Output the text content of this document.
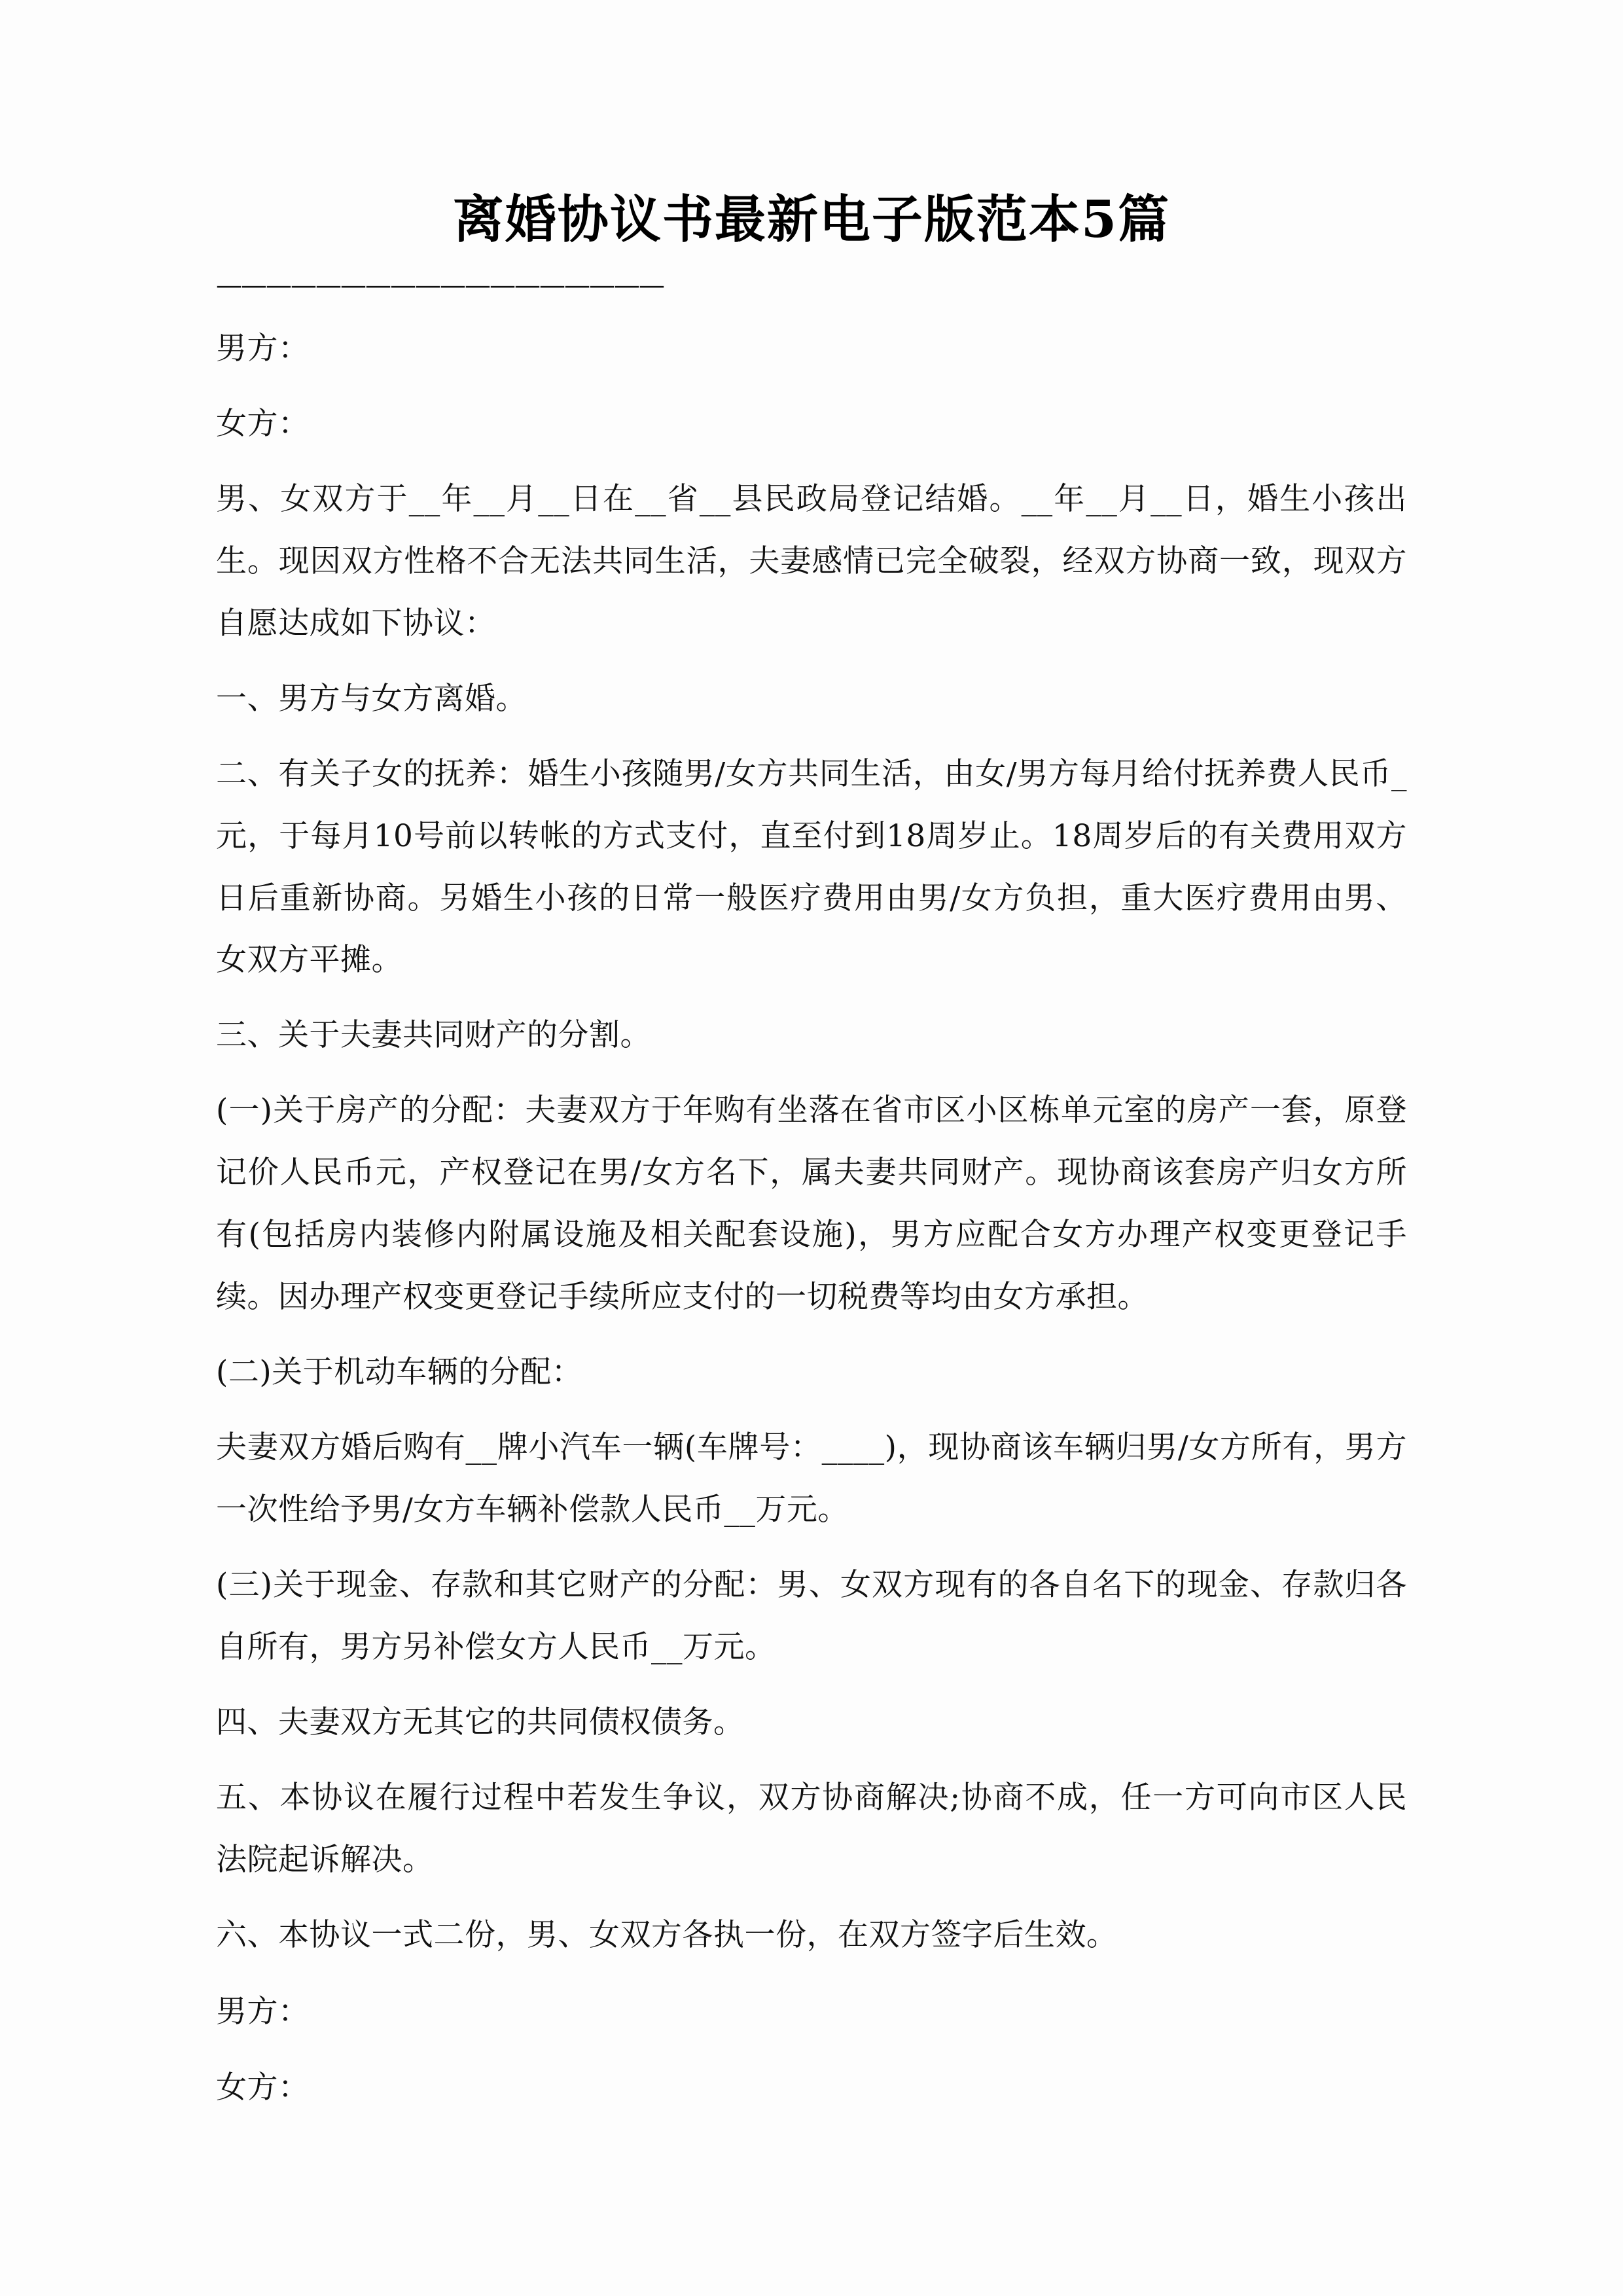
离婚协议书最新电子版范本5篇
——————————————————

男方：

女方：

男、女双方于__年__月__日在__省__县民政局登记结婚。__年__月__日，婚生小孩出生。现因双方性格不合无法共同生活，夫妻感情已完全破裂，经双方协商一致，现双方自愿达成如下协议：

一、男方与女方离婚。

二、有关子女的抚养：婚生小孩随男/女方共同生活，由女/男方每月给付抚养费人民币_元，于每月10号前以转帐的方式支付，直至付到18周岁止。18周岁后的有关费用双方日后重新协商。另婚生小孩的日常一般医疗费用由男/女方负担，重大医疗费用由男、女双方平摊。

三、关于夫妻共同财产的分割。

(一)关于房产的分配：夫妻双方于年购有坐落在省市区小区栋单元室的房产一套，原登记价人民币元，产权登记在男/女方名下，属夫妻共同财产。现协商该套房产归女方所有(包括房内装修内附属设施及相关配套设施)，男方应配合女方办理产权变更登记手续。因办理产权变更登记手续所应支付的一切税费等均由女方承担。

(二)关于机动车辆的分配：

夫妻双方婚后购有__牌小汽车一辆(车牌号：____)，现协商该车辆归男/女方所有，男方一次性给予男/女方车辆补偿款人民币__万元。

(三)关于现金、存款和其它财产的分配：男、女双方现有的各自名下的现金、存款归各自所有，男方另补偿女方人民币__万元。

四、夫妻双方无其它的共同债权债务。

五、本协议在履行过程中若发生争议，双方协商解决;协商不成，任一方可向市区人民法院起诉解决。

六、本协议一式二份，男、女双方各执一份，在双方签字后生效。

男方：
女方：
